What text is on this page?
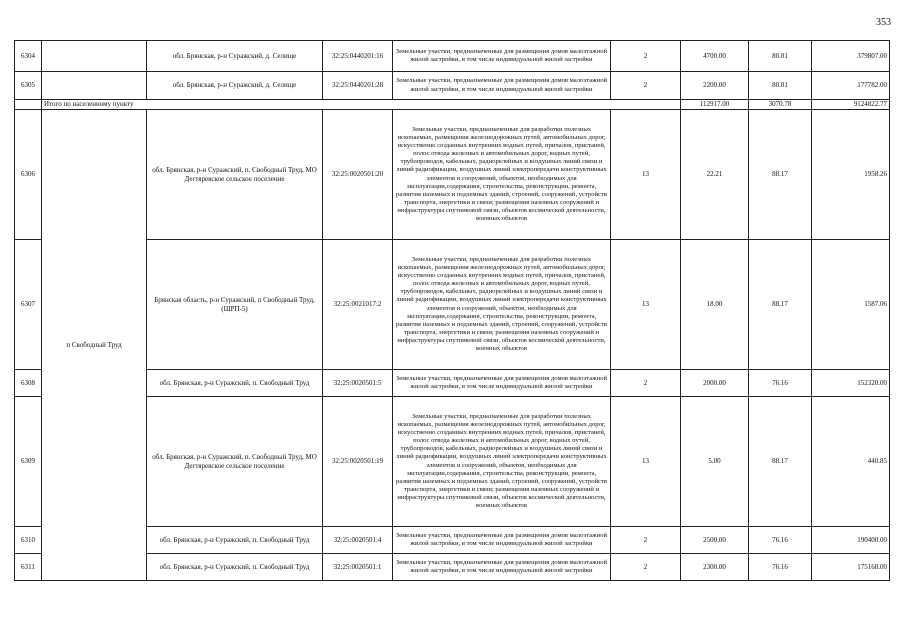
353
6304		обл. Брянская, р-н Суражский, д. Селище	32:25:0440201:16	Земельные участки, предназначенные для размещения домов малоэтажной жилой застройки, в том числе индивидуальной жилой застройки	2	4700.00	80.81	379807.00
6305		обл. Брянская, р-н Суражский, д. Селище	32:25:0440201:28	Земельные участки, предназначенные для размещения домов малоэтажной жилой застройки, в том числе индивидуальной жилой застройки	2	2200.00	80.81	177782.00
	Итого по населенному пункту					112917.00	3070.78	9124822.77
6306	п Свободный Труд	обл. Брянская, р-н Суражский, п. Свободный Труд, МО Дегтяревское сельское поселение	32:25:0020501:20	Земельные участки, предназначенные для разработки полезных ископаемых, размещения железнодорожных путей, автомобильных дорог, искусственно созданных внутренних водных путей, причалов, пристаней, полос отвода железных и автомобильных дорог, водных путей, трубопроводов, кабельных, радиорелейных и воздушных линий связи и линий радиофикации, воздушных линий электропередачи конструктивных элементов и сооружений, объектов, необходимых для эксплуатации,содержания, строительства, реконструкции, ремонта, развития наземных и подземных зданий, строений, сооружений, устройств транспорта, энергетики и связи; размещения наземных сооружений и инфраструктуры спутниковой связи, объектов космической деятельности, военных объектов	13	22.21	88.17	1958.26
6307		Брянская область, р-н Суражский, п Свободный Труд, (ШРП-5)	32:25:0021017:2	Земельные участки, предназначенные для разработки полезных ископаемых, размещения железнодорожных путей, автомобильных дорог, искусственно созданных внутренних водных путей, причалов, пристаней, полос отвода железных и автомобильных дорог, водных путей, трубопроводов, кабельных, радиорелейных и воздушных линий связи и линий радиофикации, воздушных линий электропередачи конструктивных элементов и сооружений, объектов, необходимых для эксплуатации,содержания, строительства, реконструкции, ремонта, развития наземных и подземных зданий, строений, сооружений, устройств транспорта, энергетики и связи; размещения наземных сооружений и инфраструктуры спутниковой связи, объектов космической деятельности, военных объектов	13	18.00	88.17	1587.06
6308		обл. Брянская, р-н Суражский, п. Свободный Труд	32:25:0020501:5	Земельные участки, предназначенные для размещения домов малоэтажной жилой застройки, в том числе индивидуальной жилой застройки	2	2000.00	76.16	152320.00
6309		обл. Брянская, р-н Суражский, п. Свободный Труд, МО Дегтяревское сельское поселение	32:25:0020501:19	Земельные участки, предназначенные для разработки полезных ископаемых, размещения железнодорожных путей, автомобильных дорог, искусственно созданных внутренних водных путей, причалов, пристаней, полос отвода железных и автомобильных дорог, водных путей, трубопроводов, кабельных, радиорелейных и воздушных линий связи и линий радиофикации, воздушных линий электропередачи конструктивных элементов и сооружений, объектов, необходимых для эксплуатации,содержания, строительства, реконструкции, ремонта, развития наземных и подземных зданий, строений, сооружений, устройств транспорта, энергетики и связи; размещения наземных сооружений и инфраструктуры спутниковой связи, объектов космической деятельности, военных объектов	13	5.00	88.17	440.85
6310		обл. Брянская, р-н Суражский, п. Свободный Труд	32:25:0020501:4	Земельные участки, предназначенные для размещения домов малоэтажной жилой застройки, в том числе индивидуальной жилой застройки	2	2500.00	76.16	190400.00
6311		обл. Брянская, р-н Суражский, п. Свободный Труд	32:25:0020501:1	Земельные участки, предназначенные для размещения домов малоэтажной жилой застройки, в том числе индивидуальной жилой застройки	2	2300.00	76.16	175168.00
